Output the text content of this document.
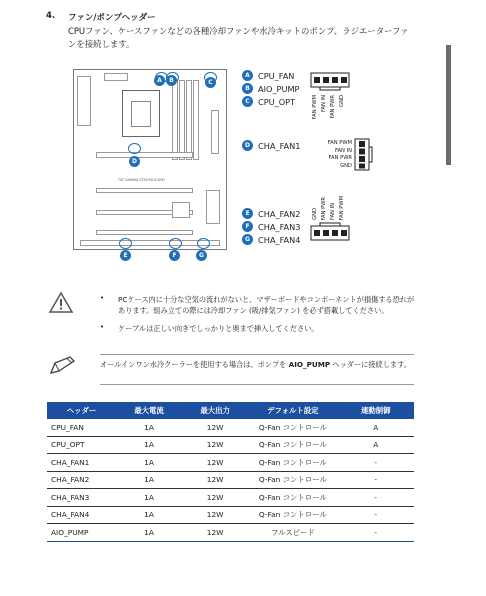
4. ファン/ポンプヘッダー
CPUファン、ケースファンなどの各種冷却ファンや水冷キットのポンプ、ラジエーターファンを接続します。
TUF GAMING Z790-PLUS WIFI
A	B	C
D
E	F	G
A CPU_FAN
B	AIO_PUMP
C	CPU_OPT
D CHA_FAN1
E	CHA_FAN2
F	CHA_FAN3
G CHA_FAN4
FAN PWM FAN IN FAN PWR GND
FAN PWM
FAN IN
FAN PWR
GND
GND FAN PWR FAN IN FAN PWM
• PCケース内に十分な空気の流れがないと、マザーボードやコンポーネントが損傷する恐れがあります。組み立ての際には冷却ファン (吸/排気ファン) を必ず搭載してください。
• ケーブルは正しい向きでしっかりと奥まで挿入してください。
オールインワン水冷クーラーを使用する場合は、ポンプを AIO_PUMP ヘッダーに接続します。
ヘッダー	最大電流	最大出力	デフォルト設定	連動制御
CPU_FAN	1A	12W	Q-Fan コントロール	A
CPU_OPT	1A	12W	Q-Fan コントロール	A
CHA_FAN1	1A	12W	Q-Fan コントロール	-
CHA_FAN2	1A	12W	Q-Fan コントロール	-
CHA_FAN3	1A	12W	Q-Fan コントロール	-
CHA_FAN4	1A	12W	Q-Fan コントロール	-
AIO_PUMP	1A	12W	フルスピード	-
